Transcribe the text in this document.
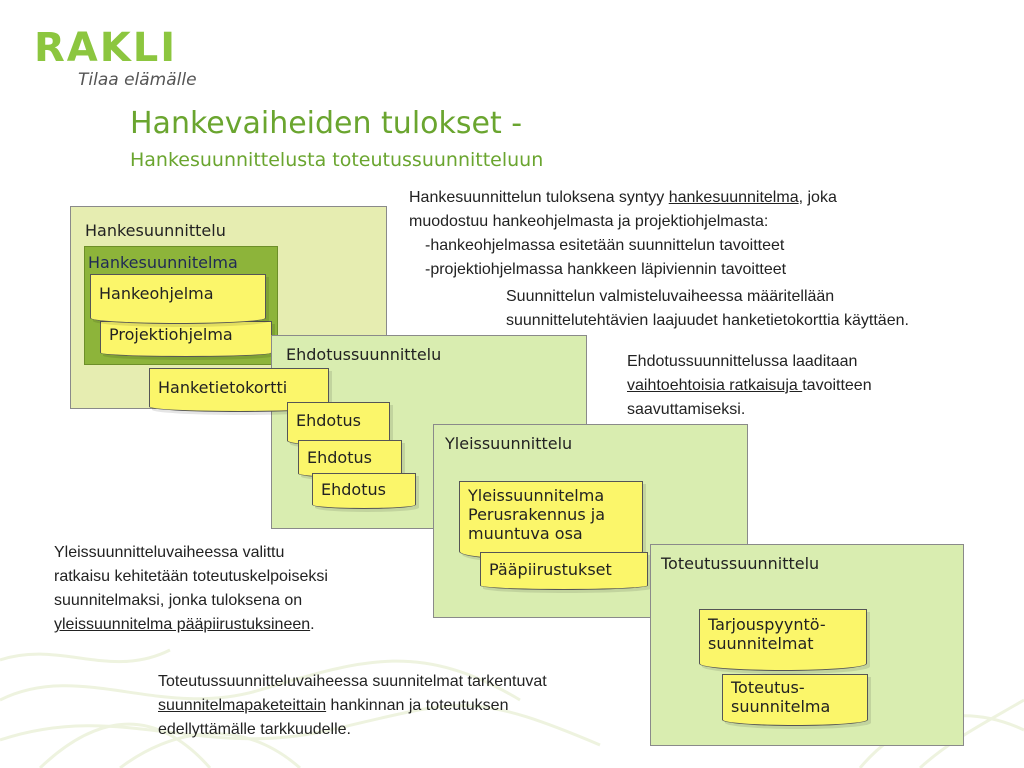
RAKLI
Tilaa elämälle
Hankevaiheiden tulokset -
Hankesuunnittelusta toteutussuunnitteluun
Hankesuunnittelu
Hankesuunnitelma
Projektiohjelma
Hankeohjelma
Ehdotussuunnittelu
Hanketietokortti
Ehdotus
Ehdotus
Ehdotus
Yleissuunnittelu
Yleissuunnitelma
Perusrakennus ja
muuntuva osa
Pääpiirustukset	Toteutussuunnittelu
Tarjouspyyntö-
suunnitelmat
Toteutus-
suunnitelma
Hankesuunnittelun tuloksena syntyy hankesuunnitelma, joka
muodostuu hankeohjelmasta ja projektiohjelmasta:
-hankeohjelmassa esitetään suunnittelun tavoitteet
-projektiohjelmassa hankkeen läpiviennin tavoitteet
Suunnittelun valmisteluvaiheessa määritellään
suunnittelutehtävien laajuudet hanketietokorttia käyttäen.
Ehdotussuunnittelussa laaditaan
vaihtoehtoisia ratkaisuja tavoitteen
saavuttamiseksi.
Yleissuunnitteluvaiheessa valittu
ratkaisu kehitetään toteutuskelpoiseksi
suunnitelmaksi, jonka tuloksena on
yleissuunnitelma pääpiirustuksineen.
Toteutussuunnitteluvaiheessa suunnitelmat tarkentuvat
suunnitelmapaketeittain hankinnan ja toteutuksen
edellyttämälle tarkkuudelle.
